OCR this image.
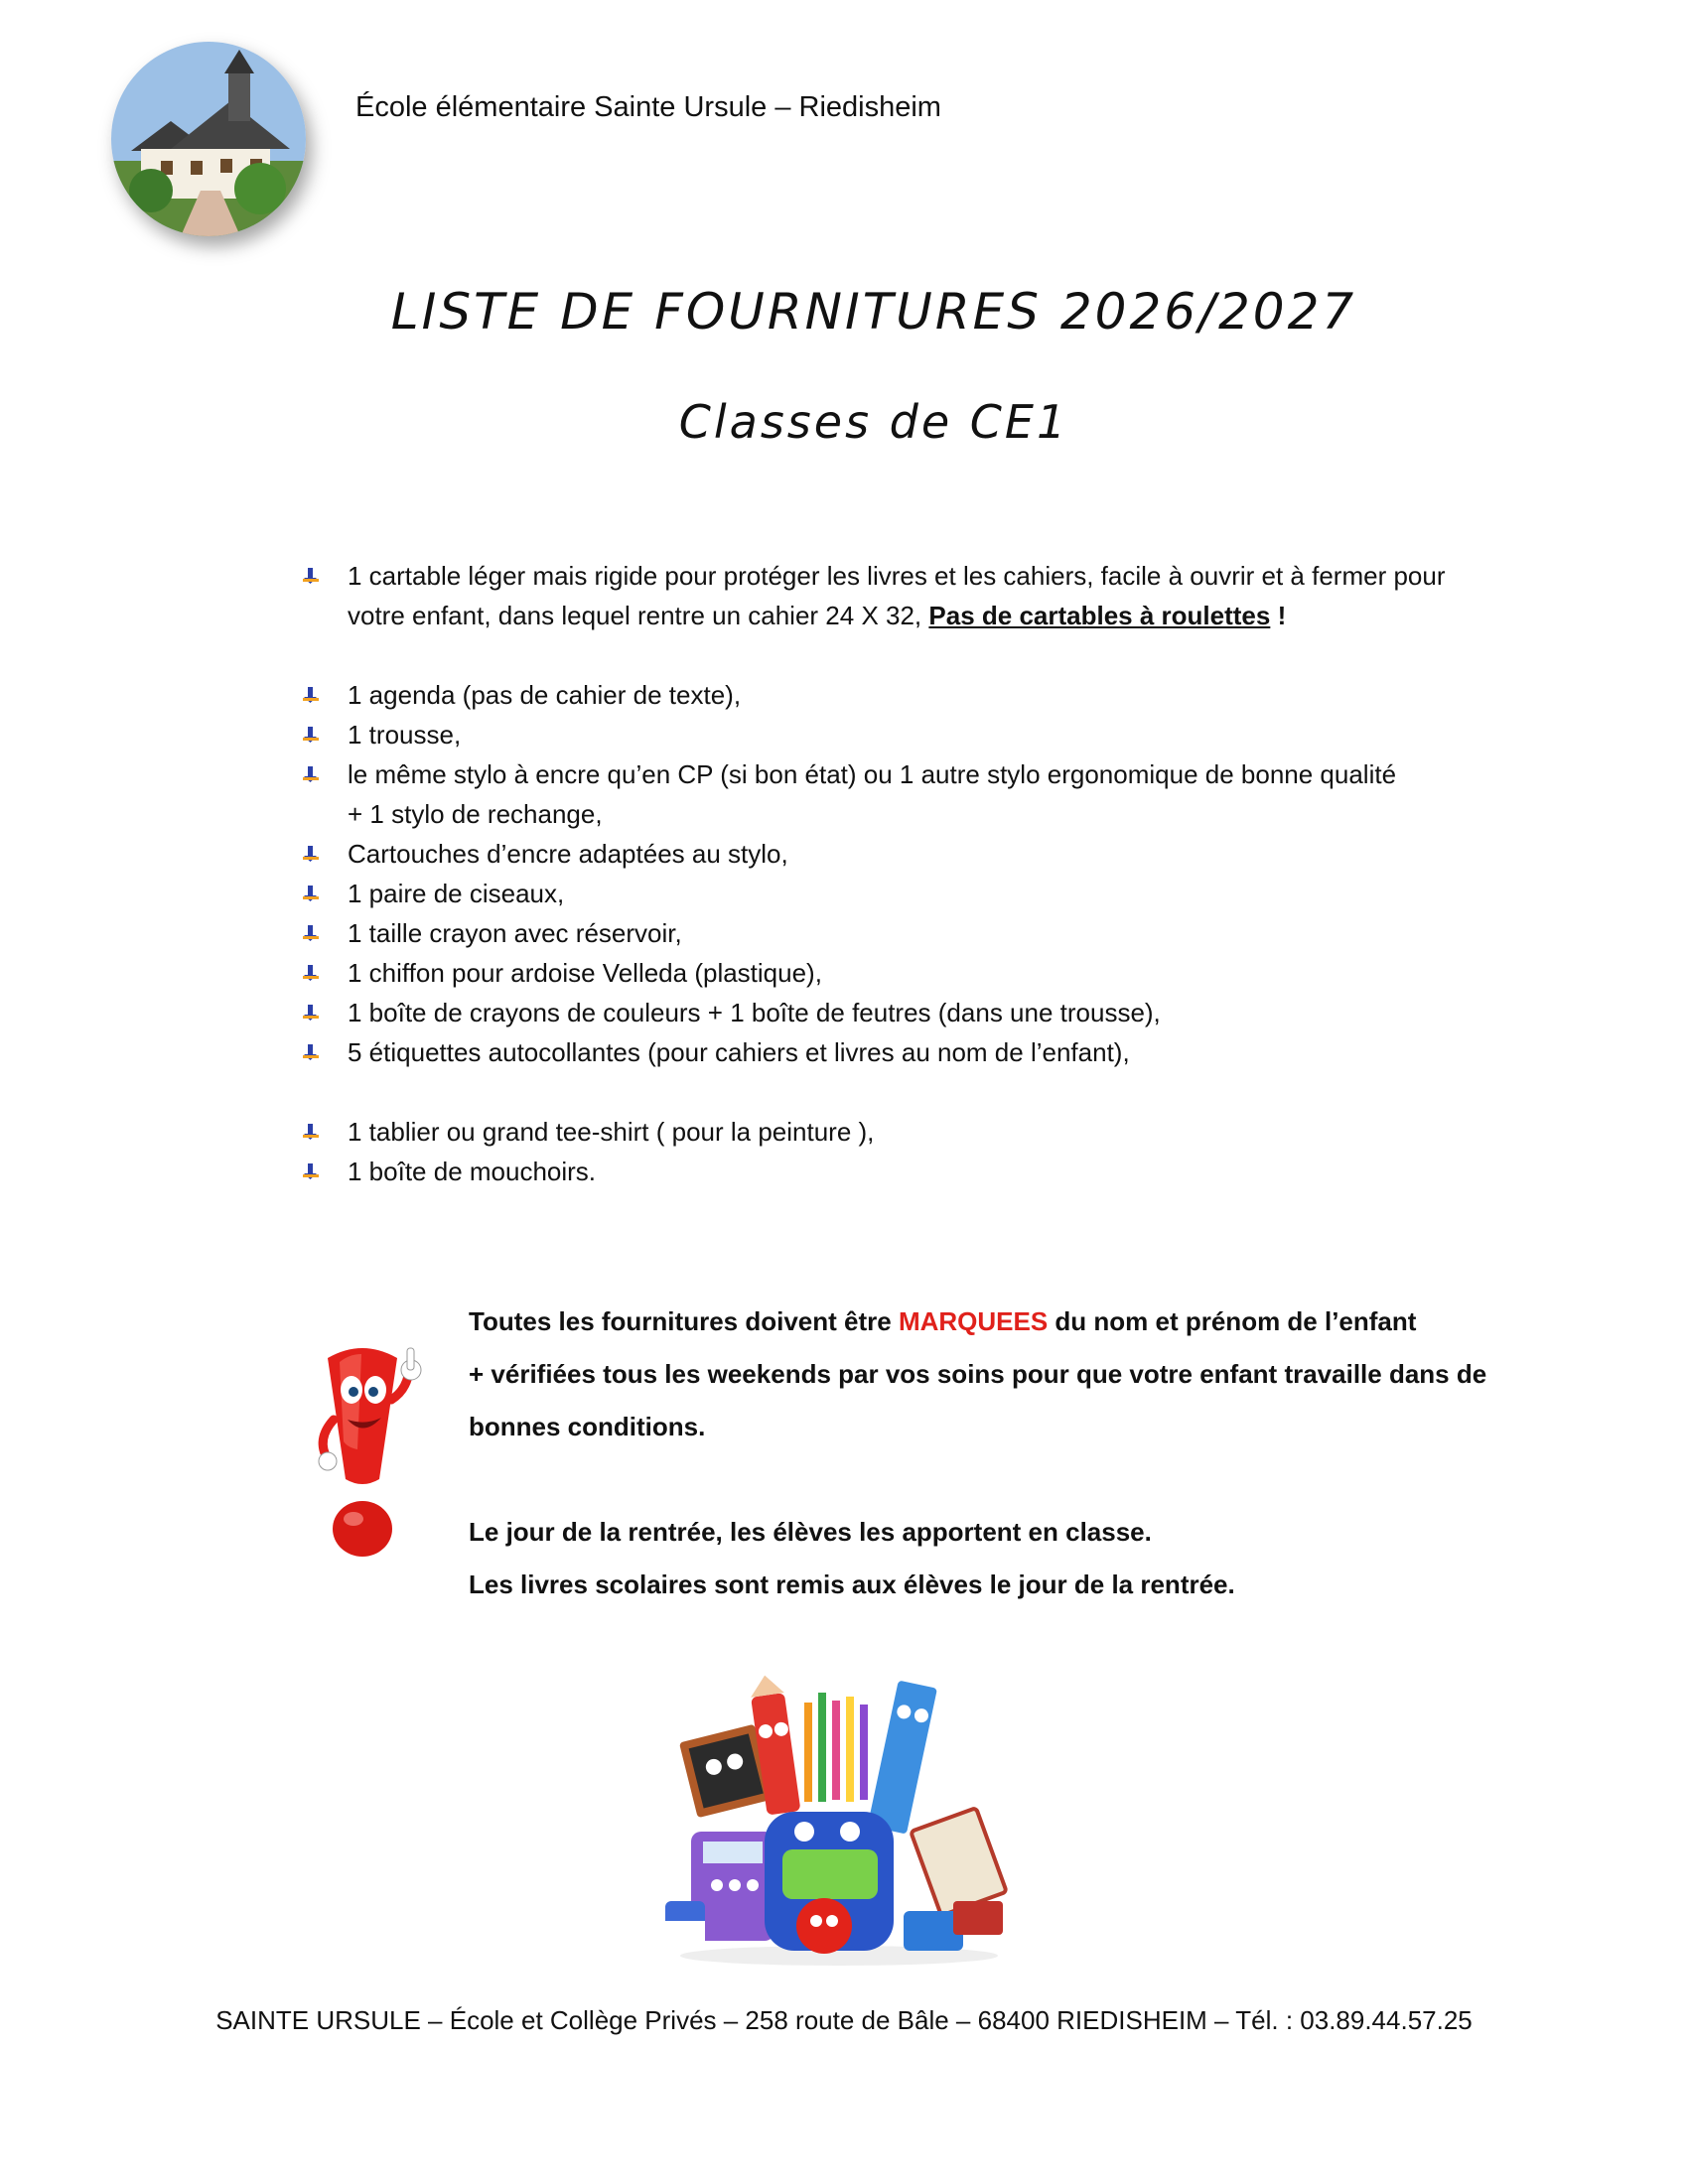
École élémentaire Sainte Ursule – Riedisheim
LISTE DE FOURNITURES 2026/2027
Classes de CE1
1 cartable léger mais rigide pour protéger les livres et les cahiers, facile à ouvrir et à fermer pour votre enfant, dans lequel rentre un cahier 24 X 32, Pas de cartables à roulettes !
1 agenda (pas de cahier de texte),
1 trousse,
le même stylo à encre qu’en CP (si bon état) ou 1 autre stylo ergonomique de bonne qualité
+ 1 stylo de rechange,
Cartouches d’encre adaptées au stylo,
1 paire de ciseaux,
1 taille crayon avec réservoir,
1 chiffon pour ardoise Velleda (plastique),
1 boîte de crayons de couleurs + 1 boîte de feutres (dans une trousse),
5 étiquettes autocollantes (pour cahiers et livres au nom de l’enfant),
1 tablier ou grand tee-shirt ( pour la peinture ),
1 boîte de mouchoirs.
Toutes les fournitures doivent être MARQUEES du nom et prénom de l’enfant
+ vérifiées tous les weekends par vos soins pour que votre enfant travaille dans de
bonnes conditions.
Le jour de la rentrée, les élèves les apportent en classe.
Les livres scolaires sont remis aux élèves le jour de la rentrée.
SAINTE URSULE – École et Collège Privés – 258 route de Bâle – 68400 RIEDISHEIM – Tél. : 03.89.44.57.25
